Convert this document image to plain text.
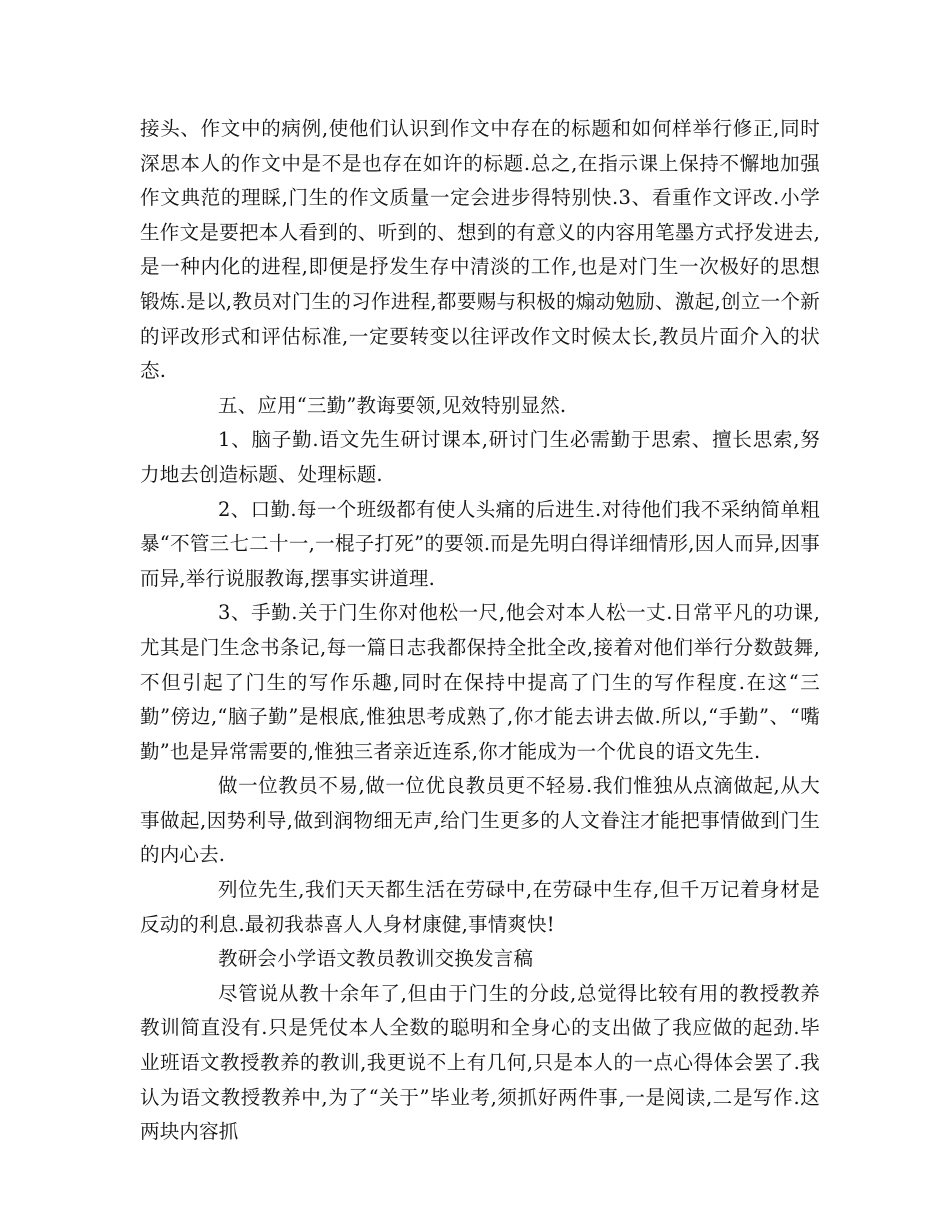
接头、作文中的病例,使他们认识到作文中存在的标题和如何样举行修正,同时深思本人的作文中是不是也存在如许的标题.总之,在指示课上保持不懈地加强作文典范的理睬,门生的作文质量一定会进步得特别快.3、看重作文评改.小学生作文是要把本人看到的、听到的、想到的有意义的内容用笔墨方式抒发进去,是一种内化的进程,即便是抒发生存中清淡的工作,也是对门生一次极好的思想锻炼.是以,教员对门生的习作进程,都要赐与积极的煽动勉励、激起,创立一个新的评改形式和评估标准,一定要转变以往评改作文时候太长,教员片面介入的状态.

五、应用“三勤”教诲要领,见效特别显然.

1、脑子勤.语文先生研讨课本,研讨门生必需勤于思索、擅长思索,努力地去创造标题、处理标题.

2、口勤.每一个班级都有使人头痛的后进生.对待他们我不采纳简单粗暴“不管三七二十一,一棍子打死”的要领.而是先明白得详细情形,因人而异,因事而异,举行说服教诲,摆事实讲道理.

3、手勤.关于门生你对他松一尺,他会对本人松一丈.日常平凡的功课,尤其是门生念书条记,每一篇日志我都保持全批全改,接着对他们举行分数鼓舞,不但引起了门生的写作乐趣,同时在保持中提高了门生的写作程度.在这“三勤”傍边,“脑子勤”是根底,惟独思考成熟了,你才能去讲去做.所以,“手勤”、“嘴勤”也是异常需要的,惟独三者亲近连系,你才能成为一个优良的语文先生.

做一位教员不易,做一位优良教员更不轻易.我们惟独从点滴做起,从大事做起,因势利导,做到润物细无声,给门生更多的人文眷注才能把事情做到门生的内心去.

列位先生,我们天天都生活在劳碌中,在劳碌中生存,但千万记着身材是反动的利息.最初我恭喜人人身材康健,事情爽快!

教研会小学语文教员教训交换发言稿

尽管说从教十余年了,但由于门生的分歧,总觉得比较有用的教授教养教训简直没有.只是凭仗本人全数的聪明和全身心的支出做了我应做的起劲.毕业班语文教授教养的教训,我更说不上有几何,只是本人的一点心得体会罢了.我认为语文教授教养中,为了“关于”毕业考,须抓好两件事,一是阅读,二是写作.这两块内容抓
